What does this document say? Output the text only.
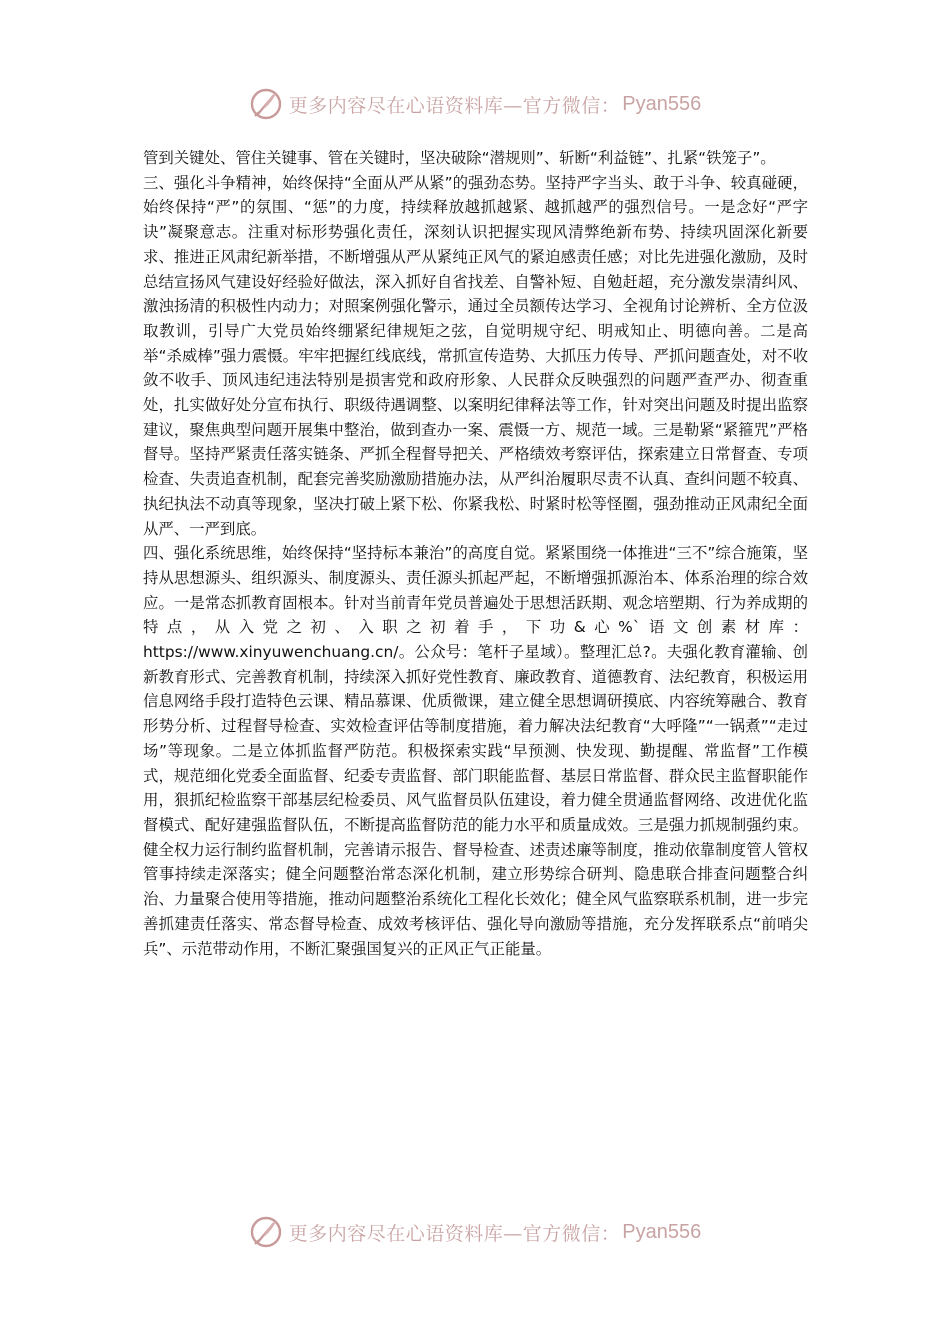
更多内容尽在心语资料库—官方微信： Pyan556

管到关键处、管住关键事、管在关键时，坚决破除“潜规则”、斩断“利益链”、扎紧“铁笼子”。

三、强化斗争精神，始终保持“全面从严从紧”的强劲态势。坚持严字当头、敢于斗争、较真碰硬，始终保持“严”的氛围、“惩”的力度，持续释放越抓越紧、越抓越严的强烈信号。一是念好“严字诀”凝聚意志。注重对标形势强化责任，深刻认识把握实现风清弊绝新布势、持续巩固深化新要求、推进正风肃纪新举措，不断增强从严从紧纯正风气的紧迫感责任感；对比先进强化激励，及时总结宣扬风气建设好经验好做法，深入抓好自省找差、自警补短、自勉赶超，充分激发崇清纠风、激浊扬清的积极性内动力；对照案例强化警示，通过全员额传达学习、全视角讨论辨析、全方位汲取教训，引导广大党员始终绷紧纪律规矩之弦，自觉明规守纪、明戒知止、明德向善。二是高举“杀威棒”强力震慑。牢牢把握红线底线，常抓宣传造势、大抓压力传导、严抓问题查处，对不收敛不收手、顶风违纪违法特别是损害党和政府形象、人民群众反映强烈的问题严查严办、彻查重处，扎实做好处分宣布执行、职级待遇调整、以案明纪律释法等工作，针对突出问题及时提出监察建议，聚焦典型问题开展集中整治，做到查办一案、震慑一方、规范一域。三是勒紧“紧箍咒”严格督导。坚持严紧责任落实链条、严抓全程督导把关、严格绩效考察评估，探索建立日常督查、专项检查、失责追查机制，配套完善奖励激励措施办法，从严纠治履职尽责不认真、查纠问题不较真、执纪执法不动真等现象，坚决打破上紧下松、你紧我松、时紧时松等怪圈，强劲推动正风肃纪全面从严、一严到底。

四、强化系统思维，始终保持“坚持标本兼治”的高度自觉。紧紧围绕一体推进“三不”综合施策，坚持从思想源头、组织源头、制度源头、责任源头抓起严起，不断增强抓源治本、体系治理的综合效应。一是常态抓教育固根本。针对当前青年党员普遍处于思想活跃期、观念培塑期、行为养成期的特点，从入党之初、入职之初着手，下功&心%`语文创素材库：https://www.xinyuwenchuang.cn/。公众号：笔杆子星域）。整理汇总?。夫强化教育灌输、创新教育形式、完善教育机制，持续深入抓好党性教育、廉政教育、道德教育、法纪教育，积极运用信息网络手段打造特色云课、精品慕课、优质微课，建立健全思想调研摸底、内容统筹融合、教育形势分析、过程督导检查、实效检查评估等制度措施，着力解决法纪教育“大呼隆”“一锅煮”“走过场”等现象。二是立体抓监督严防范。积极探索实践“早预测、快发现、勤提醒、常监督”工作模式，规范细化党委全面监督、纪委专责监督、部门职能监督、基层日常监督、群众民主监督职能作用，狠抓纪检监察干部基层纪检委员、风气监督员队伍建设，着力健全贯通监督网络、改进优化监督模式、配好建强监督队伍，不断提高监督防范的能力水平和质量成效。三是强力抓规制强约束。健全权力运行制约监督机制，完善请示报告、督导检查、述责述廉等制度，推动依靠制度管人管权管事持续走深落实；健全问题整治常态深化机制，建立形势综合研判、隐患联合排查问题整合纠治、力量聚合使用等措施，推动问题整治系统化工程化长效化；健全风气监察联系机制，进一步完善抓建责任落实、常态督导检查、成效考核评估、强化导向激励等措施，充分发挥联系点“前哨尖兵”、示范带动作用，不断汇聚强国复兴的正风正气正能量。

更多内容尽在心语资料库—官方微信： Pyan556
